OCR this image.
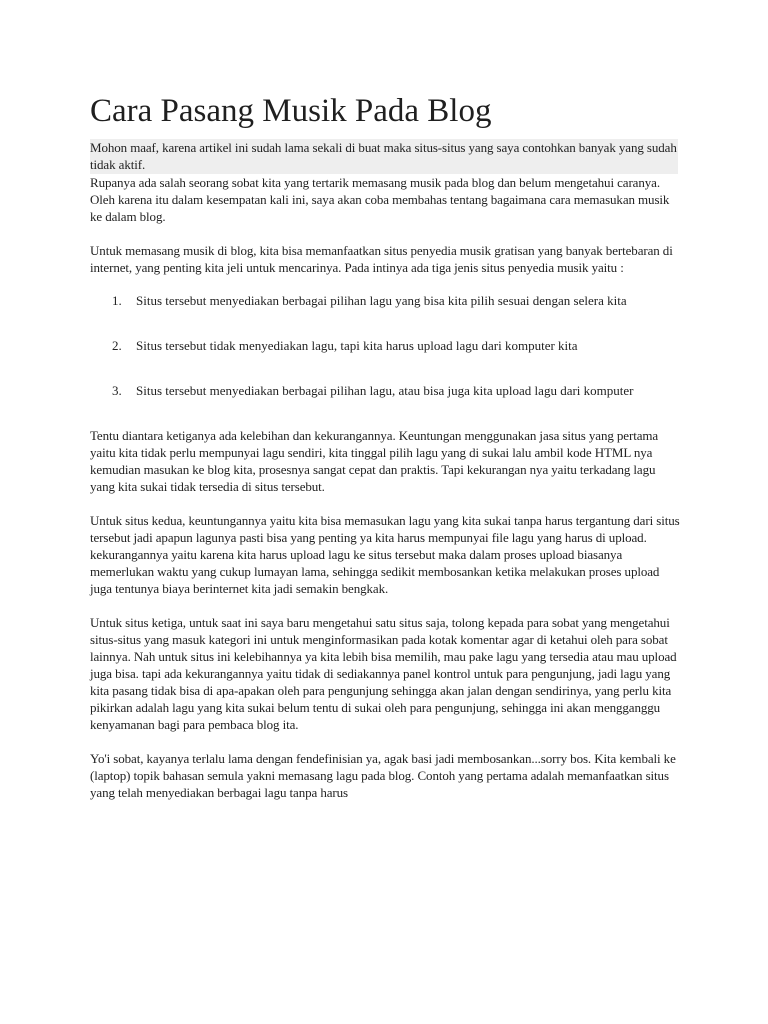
Cara Pasang Musik Pada Blog

Mohon maaf, karena artikel ini sudah lama sekali di buat maka situs-situs yang saya contohkan banyak yang sudah tidak aktif.

Rupanya ada salah seorang sobat kita yang tertarik memasang musik pada blog dan belum mengetahui caranya. Oleh karena itu dalam kesempatan kali ini, saya akan coba membahas tentang bagaimana cara memasukan musik ke dalam blog.

Untuk memasang musik di blog, kita bisa memanfaatkan situs penyedia musik gratisan yang banyak bertebaran di internet, yang penting kita jeli untuk mencarinya. Pada intinya ada tiga jenis situs penyedia musik yaitu :

1.	Situs tersebut menyediakan berbagai pilihan lagu yang bisa kita pilih sesuai dengan selera kita
2.	Situs tersebut tidak menyediakan lagu, tapi kita harus upload lagu dari komputer kita
3.	Situs tersebut menyediakan berbagai pilihan lagu, atau bisa juga kita upload lagu dari komputer

Tentu diantara ketiganya ada kelebihan dan kekurangannya. Keuntungan menggunakan jasa situs yang pertama yaitu kita tidak perlu mempunyai lagu sendiri, kita tinggal pilih lagu yang di sukai lalu ambil kode HTML nya kemudian masukan ke blog kita, prosesnya sangat cepat dan praktis. Tapi kekurangan nya yaitu terkadang lagu yang kita sukai tidak tersedia di situs tersebut.

Untuk situs kedua, keuntungannya yaitu kita bisa memasukan lagu yang kita sukai tanpa harus tergantung dari situs tersebut jadi apapun lagunya pasti bisa yang penting ya kita harus mempunyai file lagu yang harus di upload. kekurangannya yaitu karena kita harus upload lagu ke situs tersebut maka dalam proses upload biasanya memerlukan waktu yang cukup lumayan lama, sehingga sedikit membosankan ketika melakukan proses upload juga tentunya biaya berinternet kita jadi semakin bengkak.

Untuk situs ketiga, untuk saat ini saya baru mengetahui satu situs saja, tolong kepada para sobat yang mengetahui situs-situs yang masuk kategori ini untuk menginformasikan pada kotak komentar agar di ketahui oleh para sobat lainnya. Nah untuk situs ini kelebihannya ya kita lebih bisa memilih, mau pake lagu yang tersedia atau mau upload juga bisa. tapi ada kekurangannya yaitu tidak di sediakannya panel kontrol untuk para pengunjung, jadi lagu yang kita pasang tidak bisa di apa-apakan oleh para pengunjung sehingga akan jalan dengan sendirinya, yang perlu kita pikirkan adalah lagu yang kita sukai belum tentu di sukai oleh para pengunjung, sehingga ini akan mengganggu kenyamanan bagi para pembaca blog ita.

Yo'i sobat, kayanya terlalu lama dengan fendefinisian ya, agak basi jadi membosankan...sorry bos. Kita kembali ke (laptop) topik bahasan semula yakni memasang lagu pada blog. Contoh yang pertama adalah memanfaatkan situs yang telah menyediakan berbagai lagu tanpa harus
